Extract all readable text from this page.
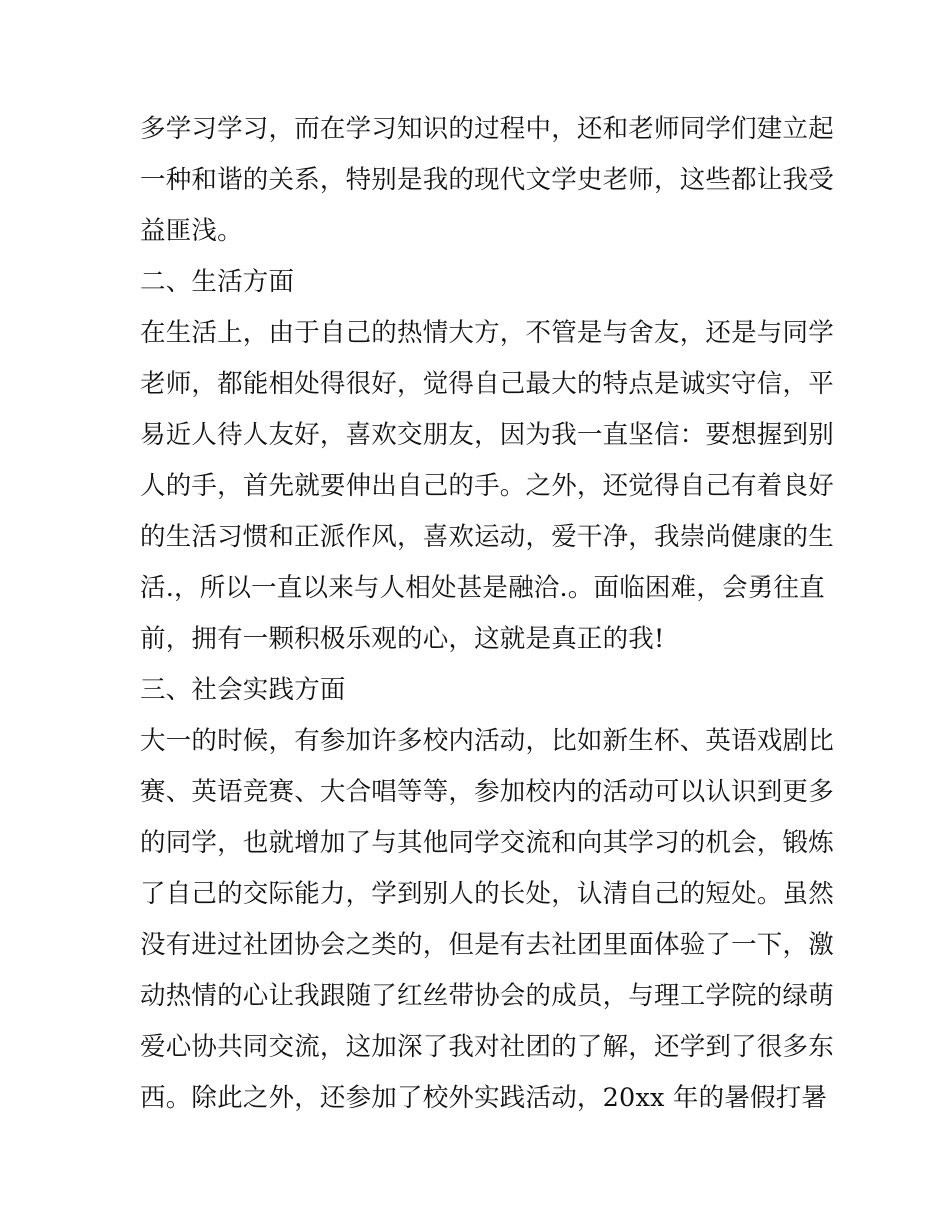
多学习学习，而在学习知识的过程中，还和老师同学们建立起
一种和谐的关系，特别是我的现代文学史老师，这些都让我受
益匪浅。
二、生活方面
在生活上，由于自己的热情大方，不管是与舍友，还是与同学
老师，都能相处得很好，觉得自己最大的特点是诚实守信，平
易近人待人友好，喜欢交朋友，因为我一直坚信：要想握到别
人的手，首先就要伸出自己的手。之外，还觉得自己有着良好
的生活习惯和正派作风，喜欢运动，爱干净，我崇尚健康的生
活.，所以一直以来与人相处甚是融洽.。面临困难，会勇往直
前，拥有一颗积极乐观的心，这就是真正的我!
三、社会实践方面
大一的时候，有参加许多校内活动，比如新生杯、英语戏剧比
赛、英语竞赛、大合唱等等，参加校内的活动可以认识到更多
的同学，也就增加了与其他同学交流和向其学习的机会，锻炼
了自己的交际能力，学到别人的长处，认清自己的短处。虽然
没有进过社团协会之类的，但是有去社团里面体验了一下，激
动热情的心让我跟随了红丝带协会的成员，与理工学院的绿萌
爱心协共同交流，这加深了我对社团的了解，还学到了很多东
西。除此之外，还参加了校外实践活动，20xx 年的暑假打暑
